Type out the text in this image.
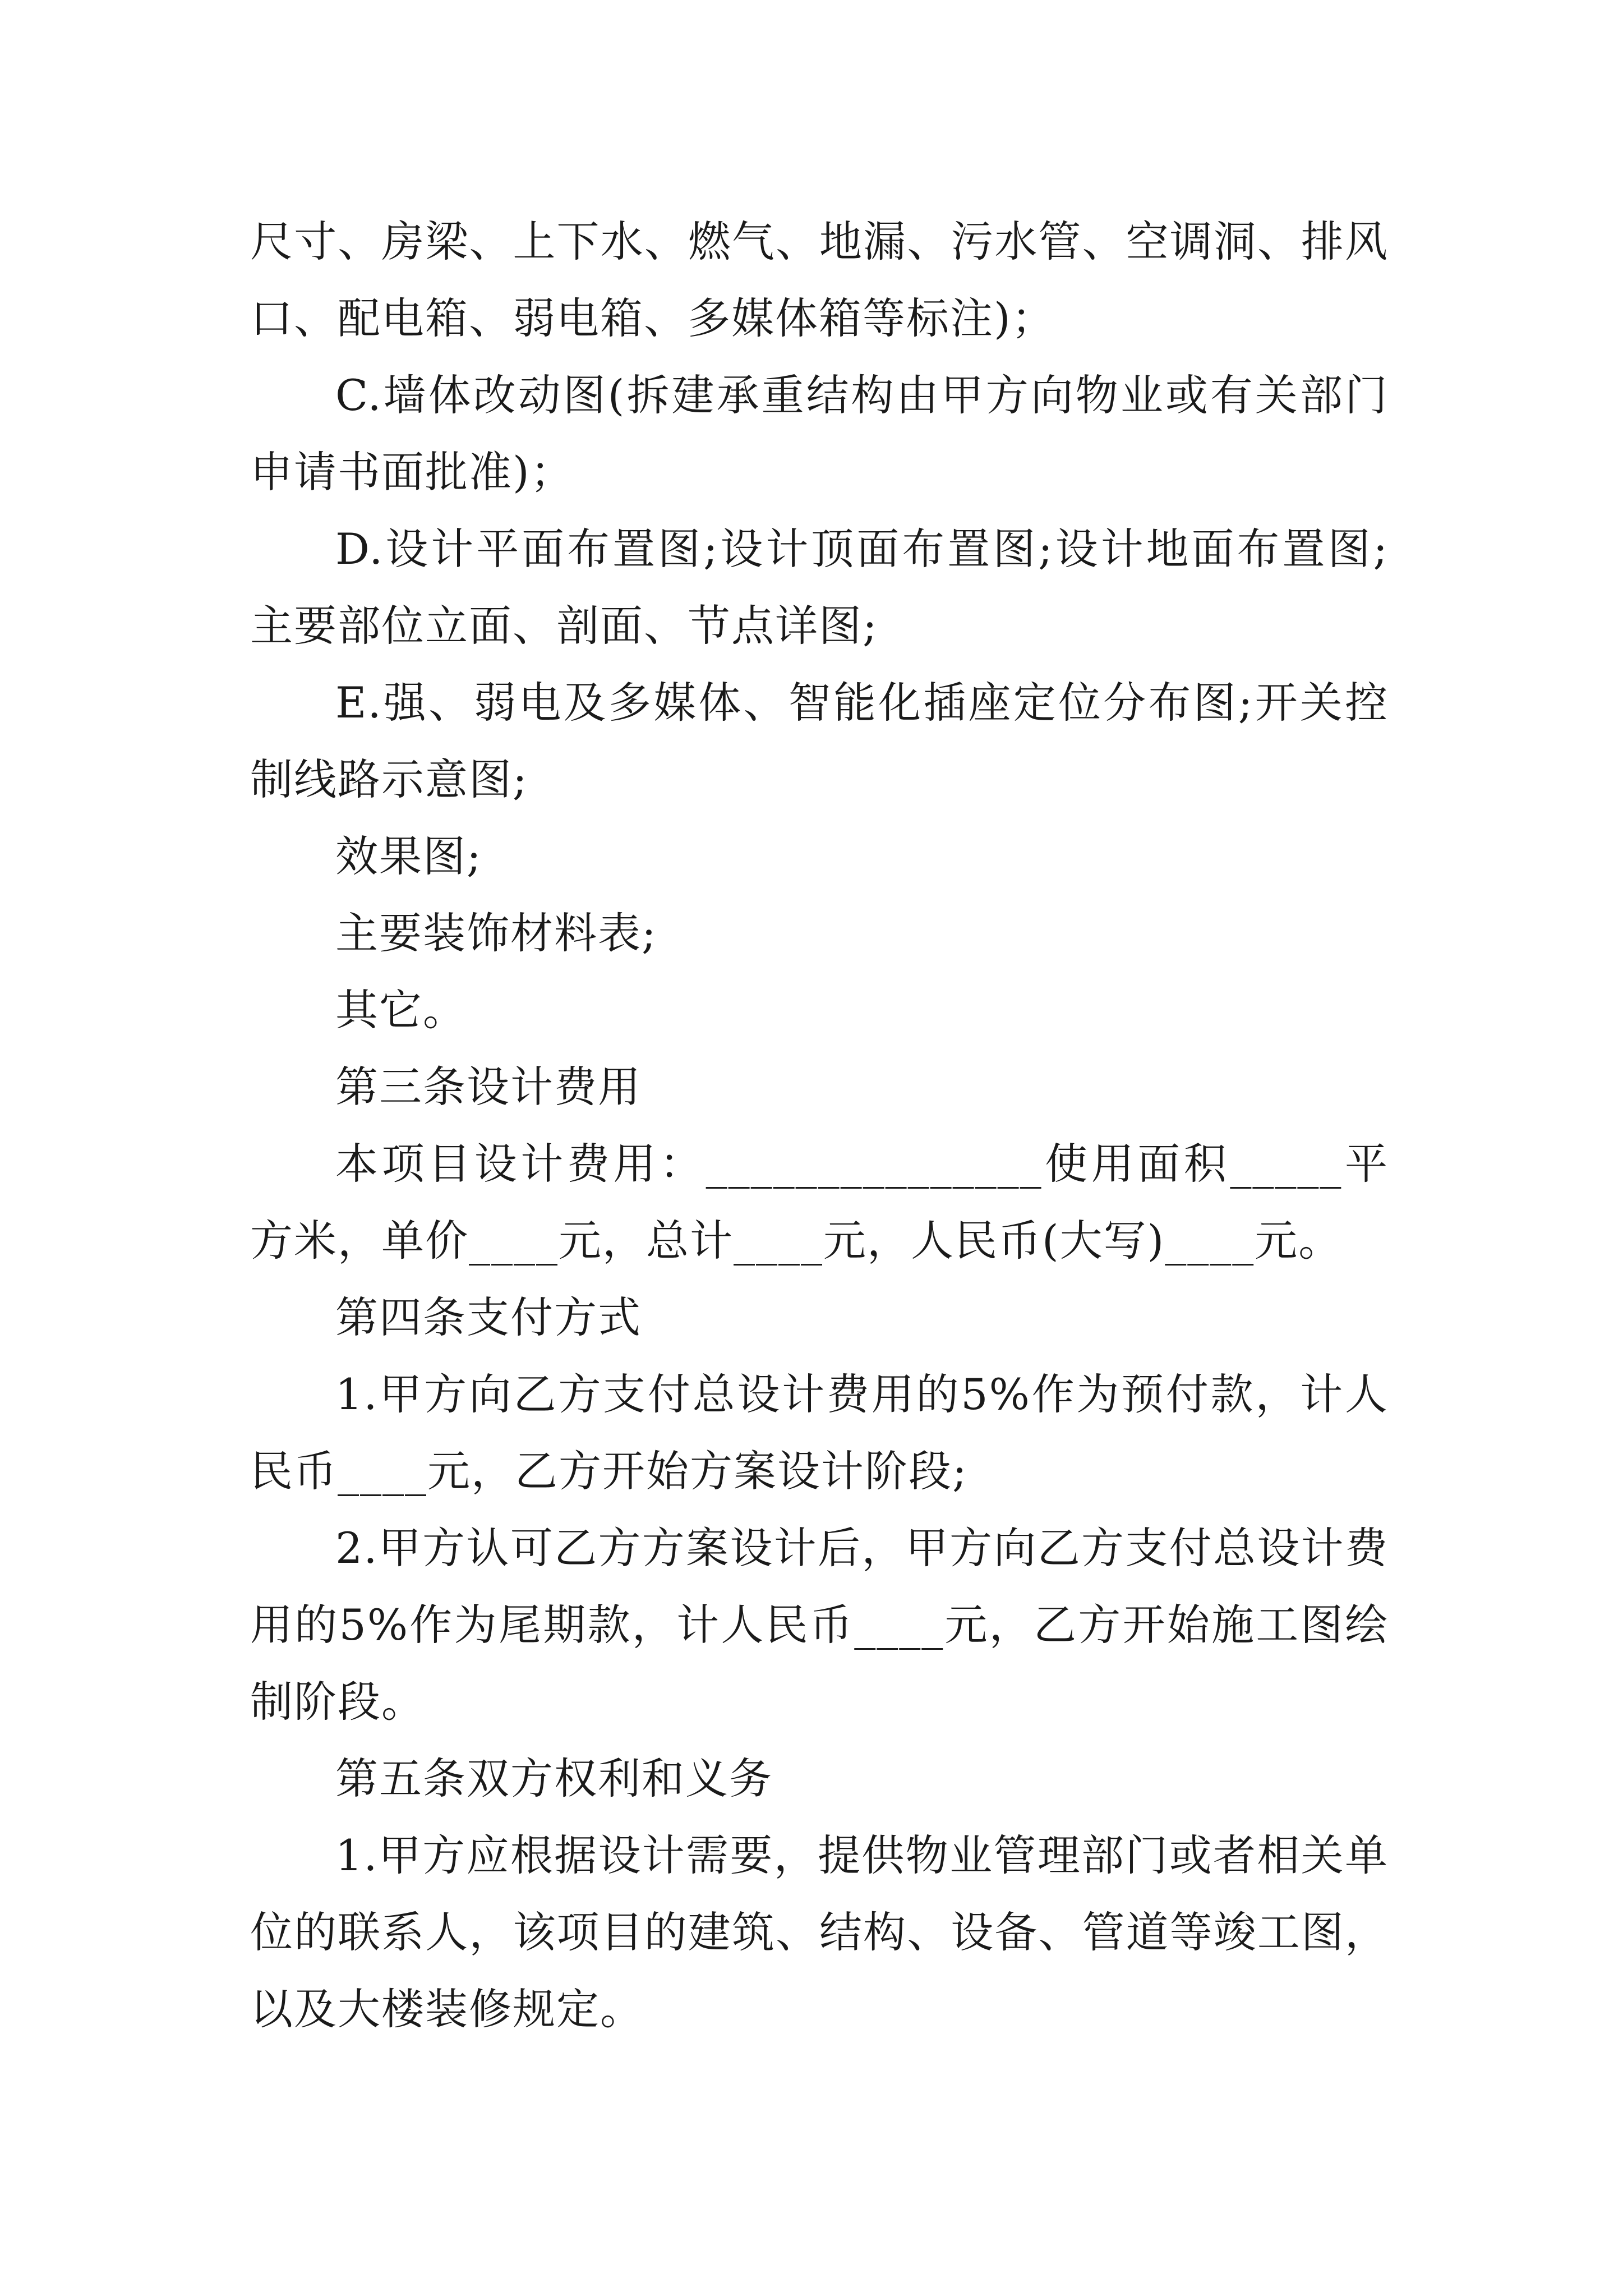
尺寸、房梁、上下水、燃气、地漏、污水管、空调洞、排风口、配电箱、弱电箱、多媒体箱等标注)；

C.墙体改动图(拆建承重结构由甲方向物业或有关部门申请书面批准)；

D.设计平面布置图;设计顶面布置图;设计地面布置图;主要部位立面、剖面、节点详图;

E.强、弱电及多媒体、智能化插座定位分布图;开关控制线路示意图;

效果图;

主要装饰材料表;

其它。

第三条设计费用

本项目设计费用：_______________使用面积_____平方米，单价____元，总计____元，人民币(大写)____元。

第四条支付方式

1.甲方向乙方支付总设计费用的5%作为预付款，计人民币____元，乙方开始方案设计阶段;

2.甲方认可乙方方案设计后，甲方向乙方支付总设计费用的5%作为尾期款，计人民币____元，乙方开始施工图绘制阶段。

第五条双方权利和义务

1.甲方应根据设计需要，提供物业管理部门或者相关单位的联系人，该项目的建筑、结构、设备、管道等竣工图，以及大楼装修规定。
